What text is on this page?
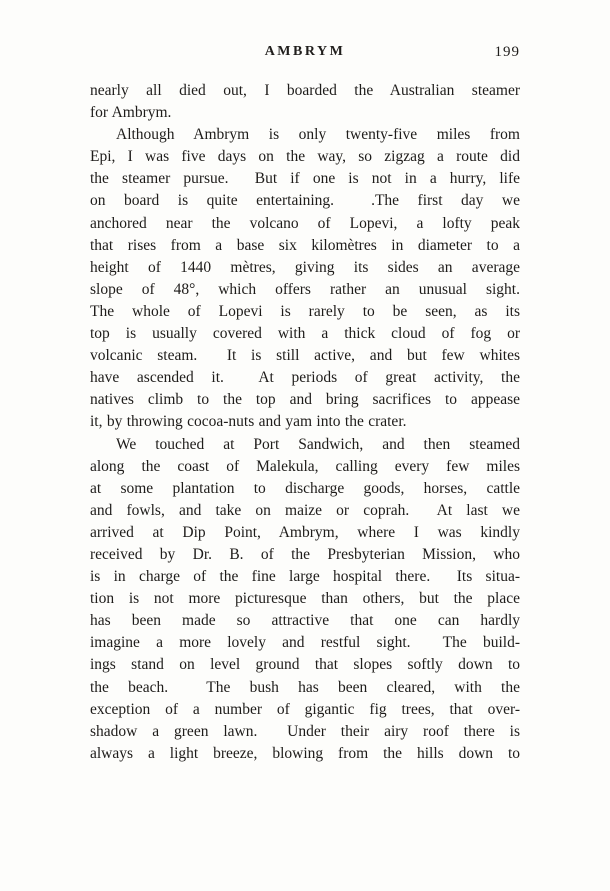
AMBRYM	199
nearly all died out, I boarded the Australian steamer
for Ambrym.
Although Ambrym is only twenty-five miles from
Epi, I was five days on the way, so zigzag a route did
the steamer pursue.  But if one is not in a hurry, life
on board is quite entertaining.  .The first day we
anchored near the volcano of Lopevi, a lofty peak
that rises from a base six kilomètres in diameter to a
height of 1440 mètres, giving its sides an average
slope of 48°, which offers rather an unusual sight.
The whole of Lopevi is rarely to be seen, as its
top is usually covered with a thick cloud of fog or
volcanic steam.  It is still active, and but few whites
have ascended it.  At periods of great activity, the
natives climb to the top and bring sacrifices to appease
it, by throwing cocoa-nuts and yam into the crater.
We touched at Port Sandwich, and then steamed
along the coast of Malekula, calling every few miles
at some plantation to discharge goods, horses, cattle
and fowls, and take on maize or coprah.  At last we
arrived at Dip Point, Ambrym, where I was kindly
received by Dr. B. of the Presbyterian Mission, who
is in charge of the fine large hospital there.  Its situa-
tion is not more picturesque than others, but the place
has been made so attractive that one can hardly
imagine a more lovely and restful sight.  The build-
ings stand on level ground that slopes softly down to
the beach.  The bush has been cleared, with the
exception of a number of gigantic fig trees, that over-
shadow a green lawn.  Under their airy roof there is
always a light breeze, blowing from the hills down to
